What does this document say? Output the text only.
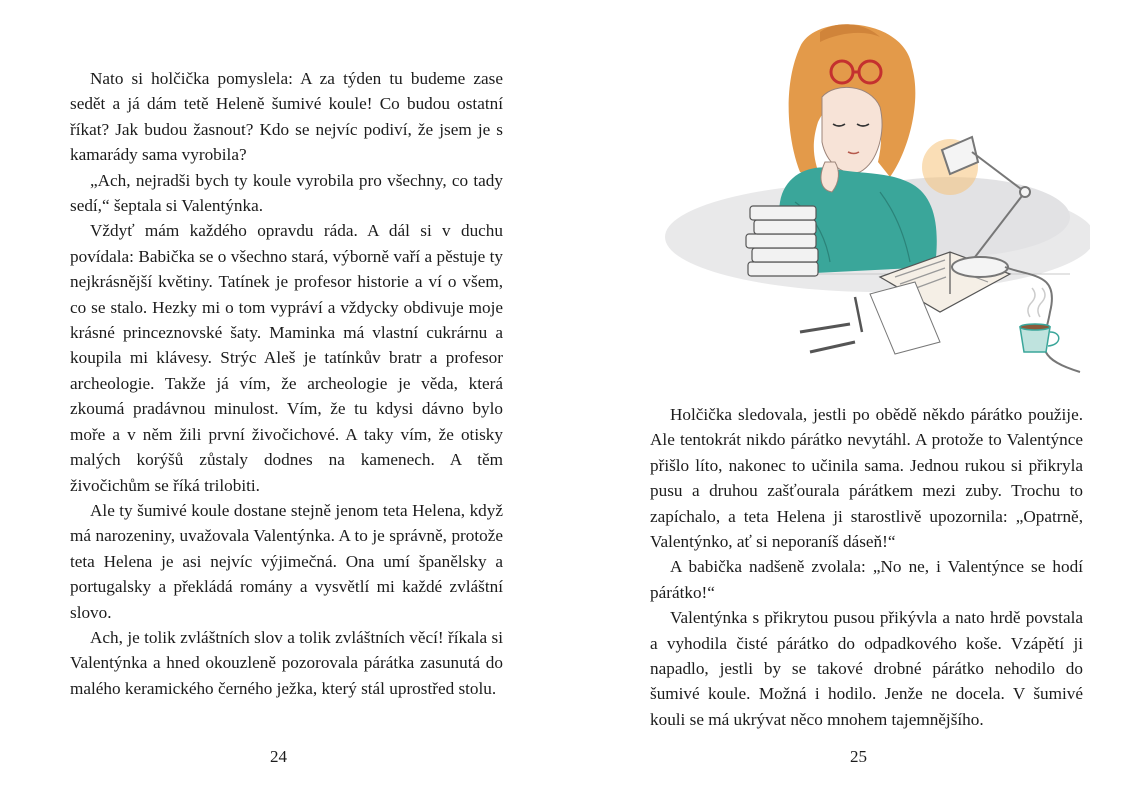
Nato si holčička pomyslela: A za týden tu budeme zase sedět a já dám tetě Heleně šumivé koule! Co budou ostatní říkat? Jak budou žasnout? Kdo se nejvíc podiví, že jsem je s kamarády sama vyrobila?

„Ach, nejradši bych ty koule vyrobila pro všechny, co tady sedí,“ šeptala si Valentýnka.

Vždyť mám každého opravdu ráda. A dál si v duchu povídala: Babička se o všechno stará, výborně vaří a pěstuje ty nejkrásnější květiny. Tatínek je profesor historie a ví o všem, co se stalo. Hezky mi o tom vypráví a vždycky obdivuje moje krásné princeznovské šaty. Maminka má vlastní cukrárnu a koupila mi klávesy. Strýc Aleš je tatínkův bratr a profesor archeologie. Takže já vím, že archeologie je věda, která zkoumá pradávnou minulost. Vím, že tu kdysi dávno bylo moře a v něm žili první živočichové. A taky vím, že otisky malých korýšů zůstaly dodnes na kamenech. A těm živočichům se říká trilobiti.

Ale ty šumivé koule dostane stejně jenom teta Helena, když má narozeniny, uvažovala Valentýnka. A to je správně, protože teta Helena je asi nejvíc výjimečná. Ona umí španělsky a portugalsky a překládá romány a vysvětlí mi každé zvláštní slovo.

Ach, je tolik zvláštních slov a tolik zvláštních věcí! říkala si Valentýnka a hned okouzleně pozorovala párátka zasunutá do malého keramického černého ježka, který stál uprostřed stolu.

24

Holčička sledovala, jestli po obědě někdo párátko použije. Ale tentokrát nikdo párátko nevytáhl. A protože to Valentýnce přišlo líto, nakonec to učinila sama. Jednou rukou si přikryla pusu a druhou zašťourala párátkem mezi zuby. Trochu to zapíchalo, a teta Helena ji starostlivě upozornila: „Opatrně, Valentýnko, ať si neporaníš dáseň!“

A babička nadšeně zvolala: „No ne, i Valentýnce se hodí párátko!“

Valentýnka s přikrytou pusou přikývla a nato hrdě povstala a vyhodila čisté párátko do odpadkového koše. Vzápětí ji napadlo, jestli by se takové drobné párátko nehodilo do šumivé koule. Možná i hodilo. Jenže ne docela. V šumivé kouli se má ukrývat něco mnohem tajemnějšího.

25
